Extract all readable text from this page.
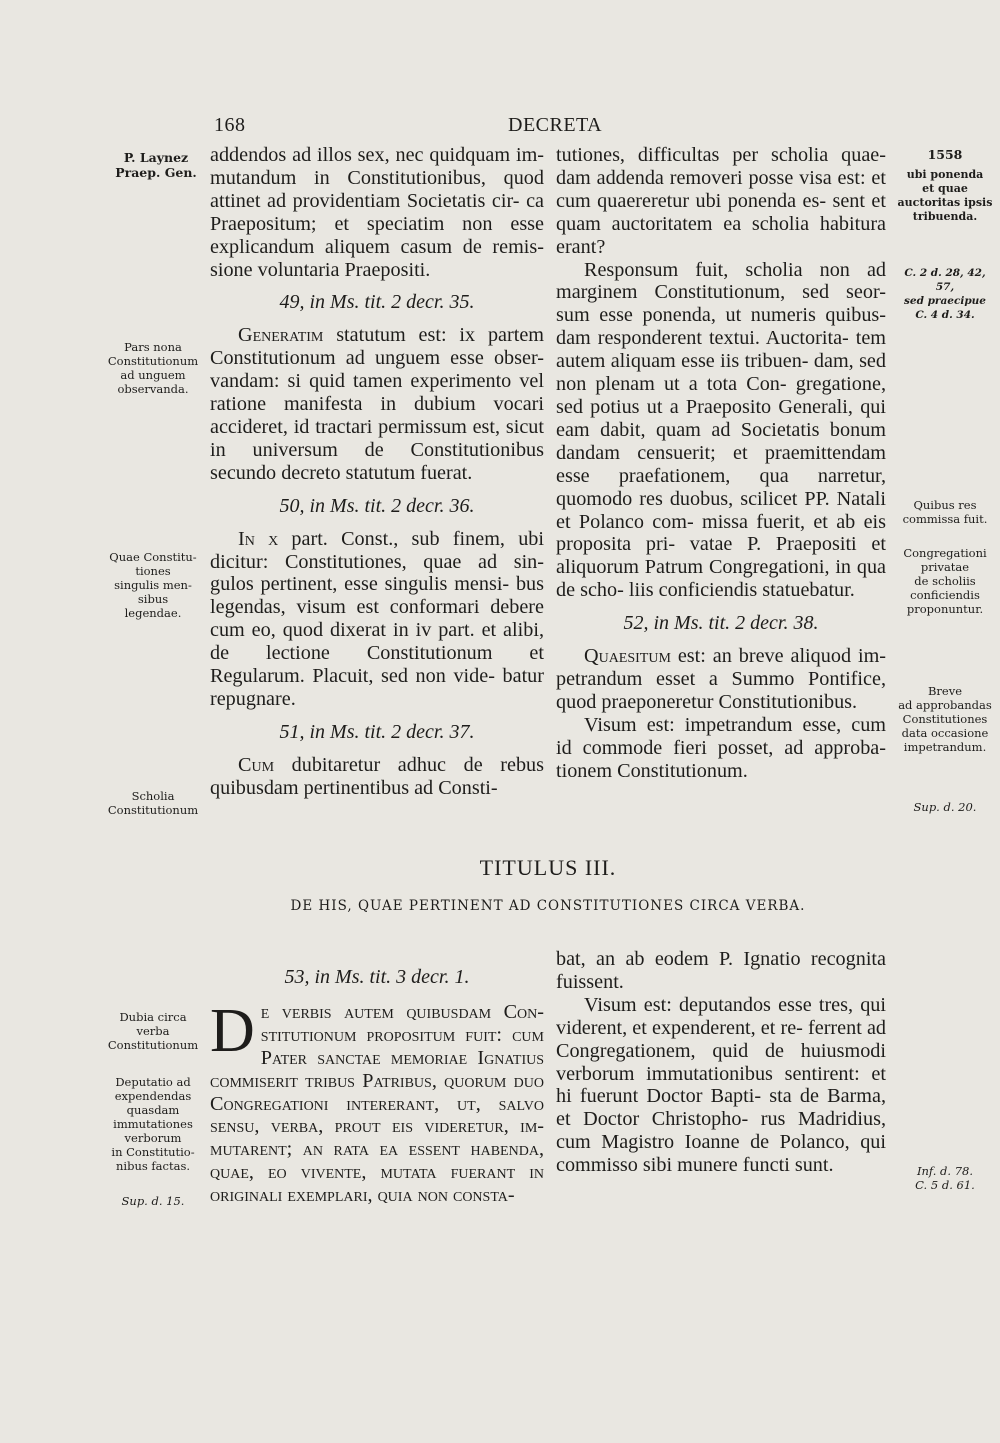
168	DECRETA
P. Laynez
Praep. Gen.
Pars nona
Constitutionum
ad unguem
observanda.
Quae Constitu-
tiones
singulis men-
sibus
legendae.
Scholia
Constitutionum
Dubia circa
verba
Constitutionum
Deputatio ad
expendendas
quasdam
immutationes
verborum
in Constitutio-
nibus factas.
Sup. d. 15.
1558
ubi ponenda
et quae
auctoritas ipsis
tribuenda.
C. 2 d. 28, 42, 57,
sed praecipue
C. 4 d. 34.
Quibus res
commissa fuit.
Congregationi
privatae
de scholiis
conficiendis
proponuntur.
Breve
ad approbandas
Constitutiones
data occasione
impetrandum.
Sup. d. 20.
Inf. d. 78.
C. 5 d. 61.

addendos ad illos sex, nec quidquam im- mutandum in Constitutionibus, quod attinet ad providentiam Societatis cir- ca Praepositum; et speciatim non esse explicandum aliquem casum de remis- sione voluntaria Praepositi.

49, in Ms. tit. 2 decr. 35.

Generatim statutum est: ix partem Constitutionum ad unguem esse obser- vandam: si quid tamen experimento vel ratione manifesta in dubium vocari accideret, id tractari permissum est, sicut in universum de Constitutionibus secundo decreto statutum fuerat.

50, in Ms. tit. 2 decr. 36.

In x part. Const., sub finem, ubi dicitur: Constitutiones, quae ad sin- gulos pertinent, esse singulis mensi- bus legendas, visum est conformari debere cum eo, quod dixerat in iv part. et alibi, de lectione Constitutionum et Regularum. Placuit, sed non vide- batur repugnare.

51, in Ms. tit. 2 decr. 37.

Cum dubitaretur adhuc de rebus quibusdam pertinentibus ad Consti-

tutiones, difficultas per scholia quae- dam addenda removeri posse visa est: et cum quaereretur ubi ponenda es- sent et quam auctoritatem ea scholia habitura erant?

Responsum fuit, scholia non ad marginem Constitutionum, sed seor- sum esse ponenda, ut numeris quibus- dam responderent textui. Auctorita- tem autem aliquam esse iis tribuen- dam, sed non plenam ut a tota Con- gregatione, sed potius ut a Praeposito Generali, qui eam dabit, quam ad Societatis bonum dandam censuerit; et praemittendam esse praefationem, qua narretur, quomodo res duobus, scilicet PP. Natali et Polanco com- missa fuerit, et ab eis proposita pri- vatae P. Praepositi et aliquorum Patrum Congregationi, in qua de scho- liis conficiendis statuebatur.

52, in Ms. tit. 2 decr. 38.

Quaesitum est: an breve aliquod im- petrandum esset a Summo Pontifice, quod praeponeretur Constitutionibus.

Visum est: impetrandum esse, cum id commode fieri posset, ad approba- tionem Constitutionum.

TITULUS III.
DE HIS, QUAE PERTINENT AD CONSTITUTIONES CIRCA VERBA.
53, in Ms. tit. 3 decr. 1.

De verbis autem quibusdam Con- stitutionum propositum fuit: cum Pater sanctae memoriae Ignatius commiserit tribus Patribus, quorum duo Congregationi intererant, ut, salvo sensu, verba, prout eis videretur, im- mutarent; an rata ea essent habenda, quae, eo vivente, mutata fuerant in originali exemplari, quia non consta-

bat, an ab eodem P. Ignatio recognita fuissent.

Visum est: deputandos esse tres, qui viderent, et expenderent, et re- ferrent ad Congregationem, quid de huiusmodi verborum immutationibus sentirent: et hi fuerunt Doctor Bapti- sta de Barma, et Doctor Christopho- rus Madridius, cum Magistro Ioanne de Polanco, qui commisso sibi munere functi sunt.
